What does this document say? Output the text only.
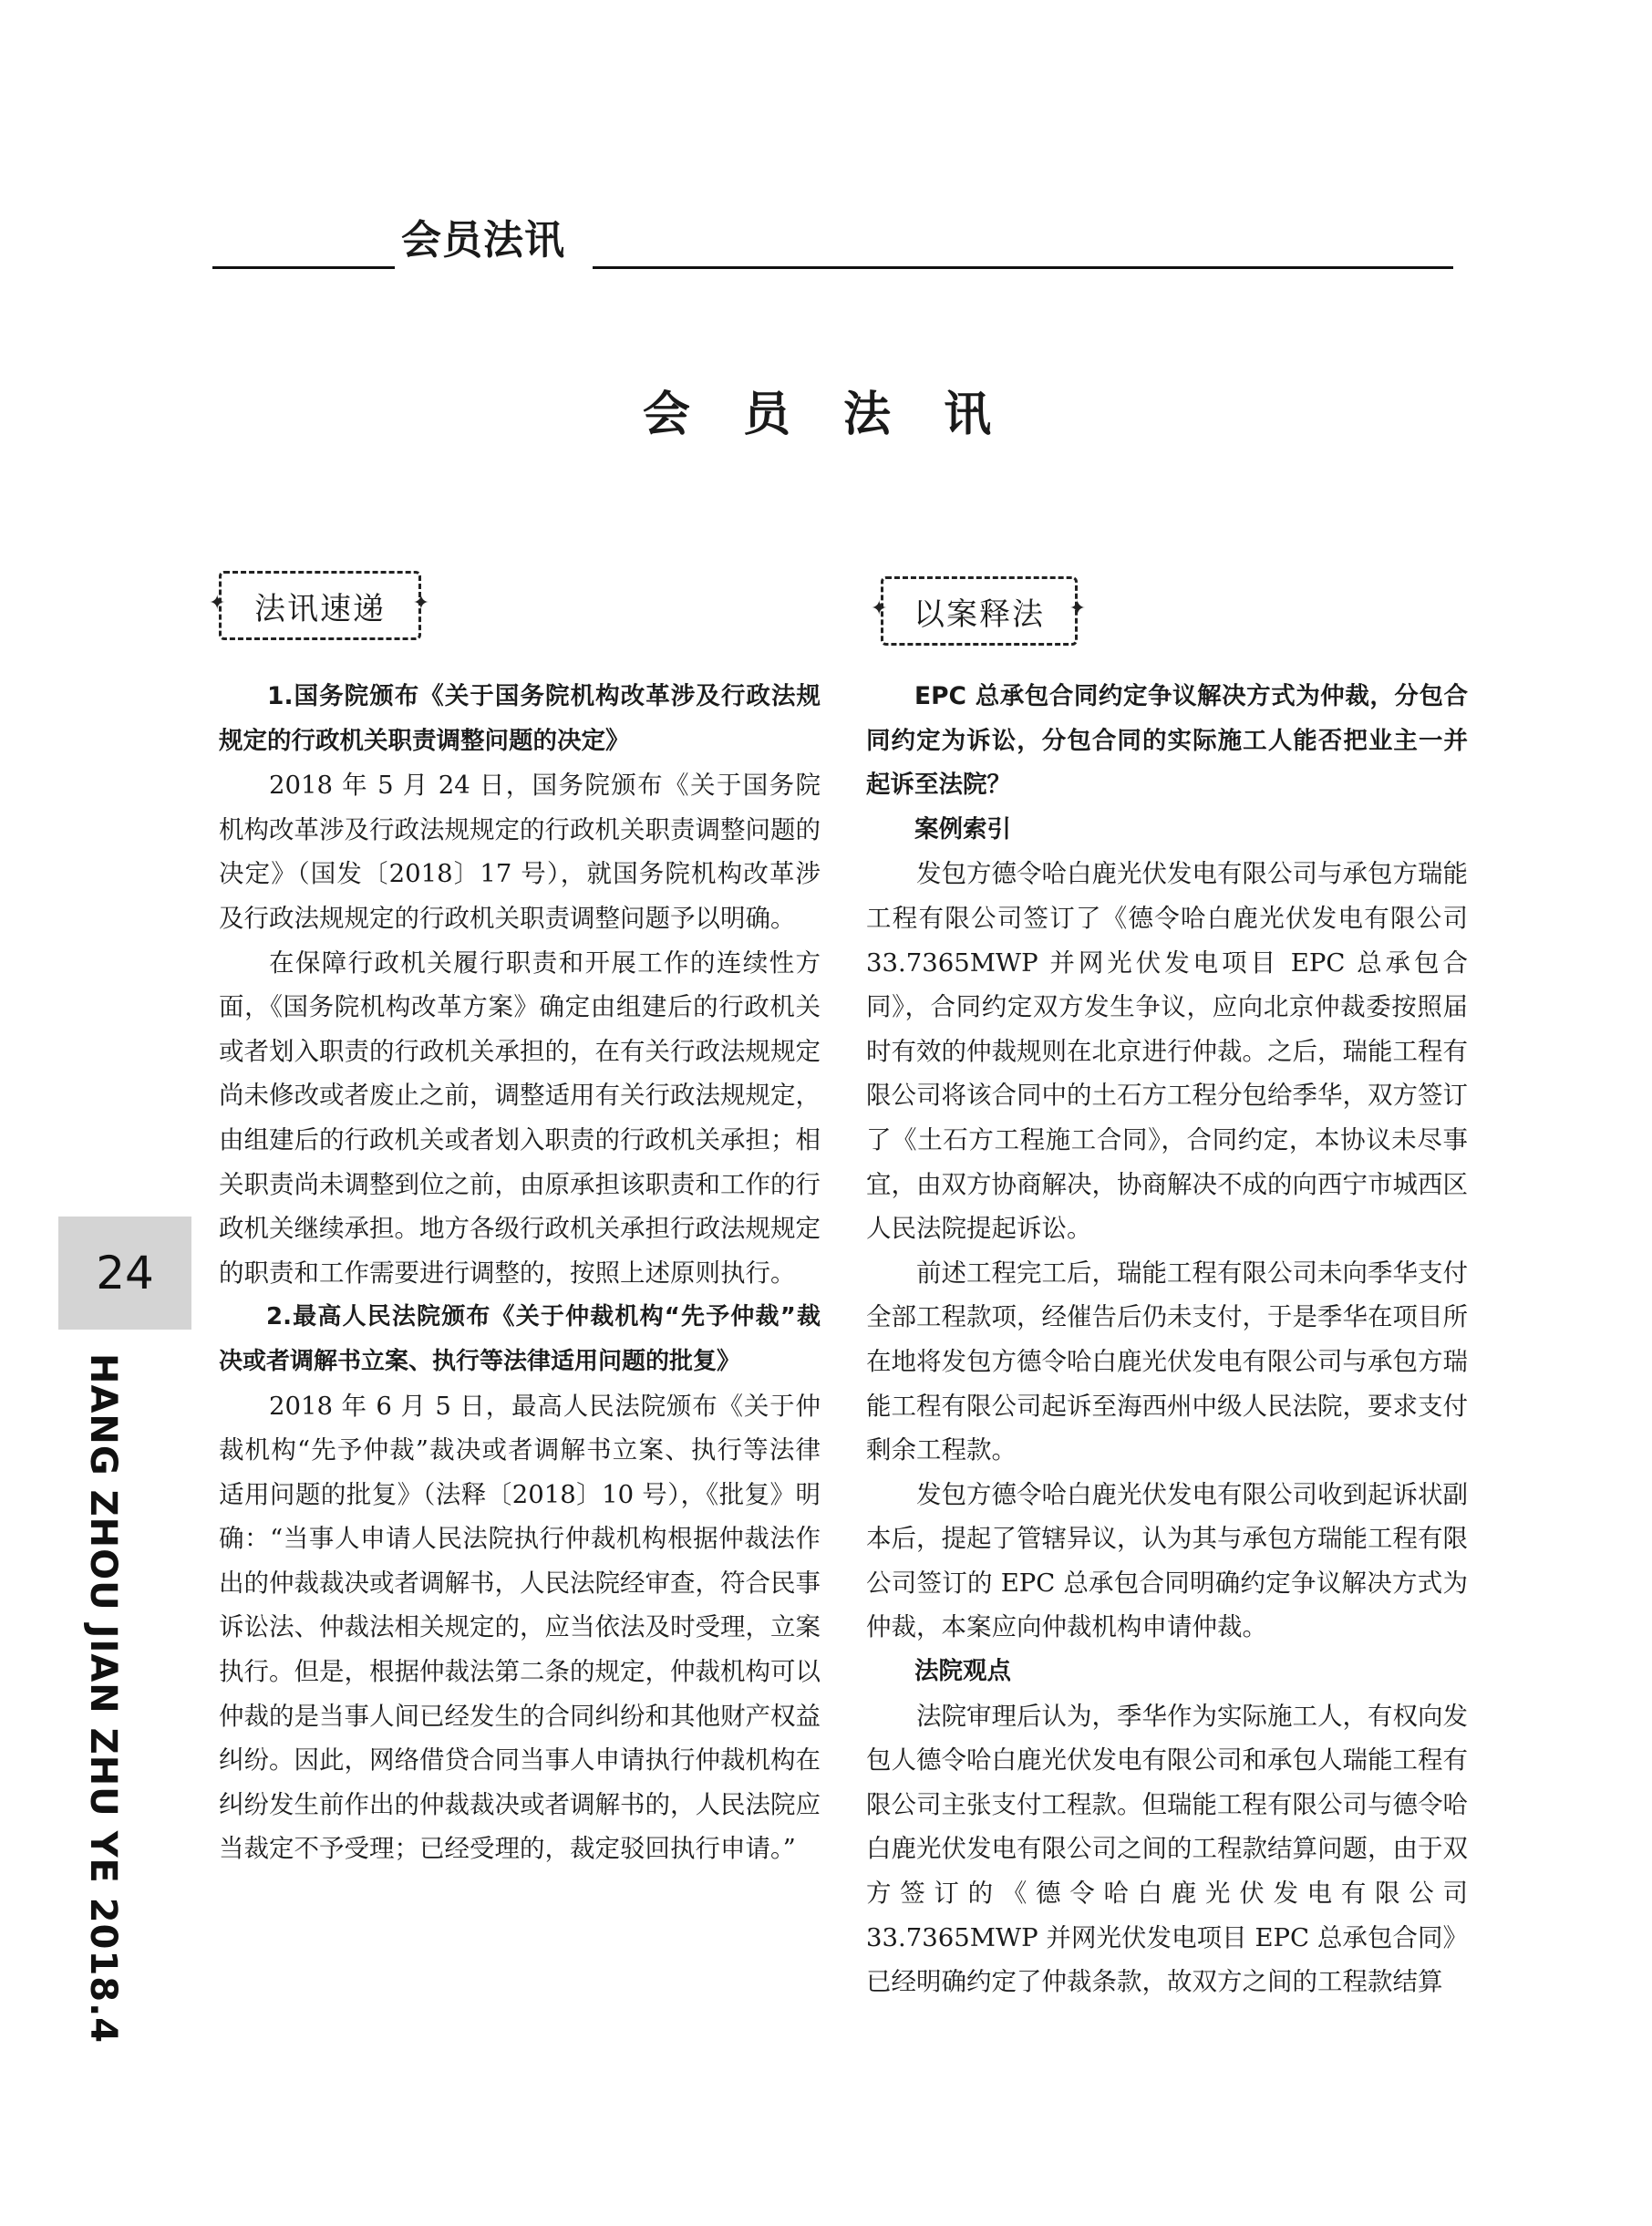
会员法讯
会 员 法 讯
✦ 法讯速递 ✦
✦	以案释法 ✦

1.国务院颁布《关于国务院机构改革涉及行政法规规定的行政机关职责调整问题的决定》

2018 年 5 月 24 日，国务院颁布《关于国务院机构改革涉及行政法规规定的行政机关职责调整问题的决定》（国发〔2018〕17 号），就国务院机构改革涉及行政法规规定的行政机关职责调整问题予以明确。

在保障行政机关履行职责和开展工作的连续性方面，《国务院机构改革方案》确定由组建后的行政机关或者划入职责的行政机关承担的，在有关行政法规规定尚未修改或者废止之前，调整适用有关行政法规规定，由组建后的行政机关或者划入职责的行政机关承担；相关职责尚未调整到位之前，由原承担该职责和工作的行政机关继续承担。地方各级行政机关承担行政法规规定的职责和工作需要进行调整的，按照上述原则执行。

2.最高人民法院颁布《关于仲裁机构“先予仲裁”裁决或者调解书立案、执行等法律适用问题的批复》

2018 年 6 月 5 日，最高人民法院颁布《关于仲裁机构“先予仲裁”裁决或者调解书立案、执行等法律适用问题的批复》（法释〔2018〕10 号），《批复》明确：“当事人申请人民法院执行仲裁机构根据仲裁法作出的仲裁裁决或者调解书，人民法院经审查，符合民事诉讼法、仲裁法相关规定的，应当依法及时受理，立案执行。但是，根据仲裁法第二条的规定，仲裁机构可以仲裁的是当事人间已经发生的合同纠纷和其他财产权益纠纷。因此，网络借贷合同当事人申请执行仲裁机构在纠纷发生前作出的仲裁裁决或者调解书的，人民法院应当裁定不予受理；已经受理的，裁定驳回执行申请。”

EPC 总承包合同约定争议解决方式为仲裁，分包合同约定为诉讼，分包合同的实际施工人能否把业主一并起诉至法院？

案例索引

发包方德令哈白鹿光伏发电有限公司与承包方瑞能工程有限公司签订了《德令哈白鹿光伏发电有限公司 33.7365MWP 并网光伏发电项目 EPC 总承包合同》，合同约定双方发生争议，应向北京仲裁委按照届时有效的仲裁规则在北京进行仲裁。之后，瑞能工程有限公司将该合同中的土石方工程分包给季华，双方签订了《土石方工程施工合同》，合同约定，本协议未尽事宜，由双方协商解决，协商解决不成的向西宁市城西区人民法院提起诉讼。

前述工程完工后，瑞能工程有限公司未向季华支付全部工程款项，经催告后仍未支付，于是季华在项目所在地将发包方德令哈白鹿光伏发电有限公司与承包方瑞能工程有限公司起诉至海西州中级人民法院，要求支付剩余工程款。

发包方德令哈白鹿光伏发电有限公司收到起诉状副本后，提起了管辖异议，认为其与承包方瑞能工程有限公司签订的 EPC 总承包合同明确约定争议解决方式为仲裁，本案应向仲裁机构申请仲裁。

法院观点

法院审理后认为，季华作为实际施工人，有权向发包人德令哈白鹿光伏发电有限公司和承包人瑞能工程有限公司主张支付工程款。但瑞能工程有限公司与德令哈白鹿光伏发电有限公司之间的工程款结算问题，由于双方签订的《德令哈白鹿光伏发电有限公司 33.7365MWP 并网光伏发电项目 EPC 总承包合同》已经明确约定了仲裁条款，故双方之间的工程款结算

24
HANG ZHOU JIAN ZHU YE 2018.4
